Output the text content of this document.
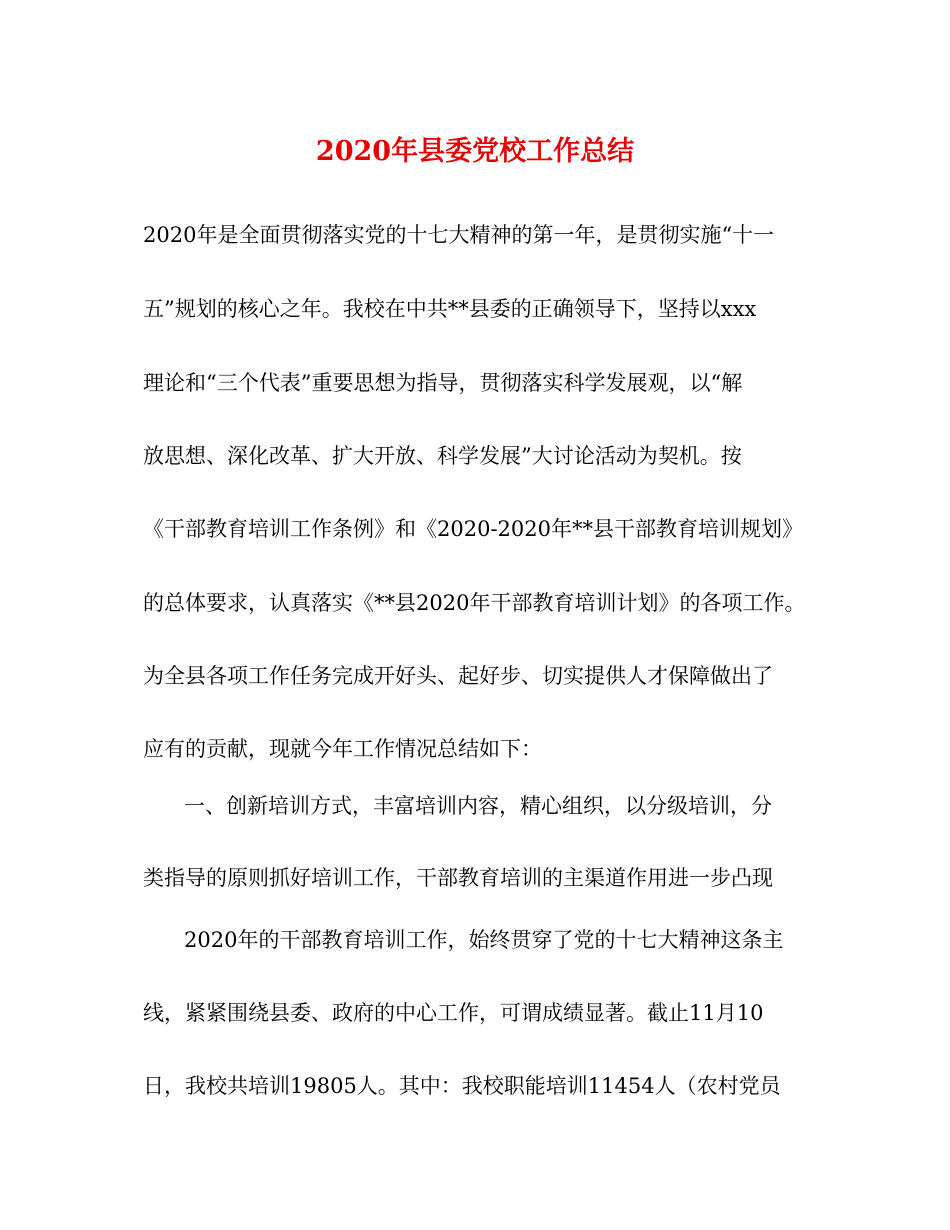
2020年县委党校工作总结
2020年是全面贯彻落实党的十七大精神的第一年，是贯彻实施“十一
五”规划的核心之年。我校在中共**县委的正确领导下，坚持以xxx
理论和“三个代表”重要思想为指导，贯彻落实科学发展观，以“解
放思想、深化改革、扩大开放、科学发展”大讨论活动为契机。按
《干部教育培训工作条例》和《2020-2020年**县干部教育培训规划》
的总体要求，认真落实《**县2020年干部教育培训计划》的各项工作。
为全县各项工作任务完成开好头、起好步、切实提供人才保障做出了
应有的贡献，现就今年工作情况总结如下：
一、创新培训方式，丰富培训内容，精心组织，以分级培训，分
类指导的原则抓好培训工作，干部教育培训的主渠道作用进一步凸现
2020年的干部教育培训工作，始终贯穿了党的十七大精神这条主
线，紧紧围绕县委、政府的中心工作，可谓成绩显著。截止11月10
日，我校共培训19805人。其中：我校职能培训11454人（农村党员
